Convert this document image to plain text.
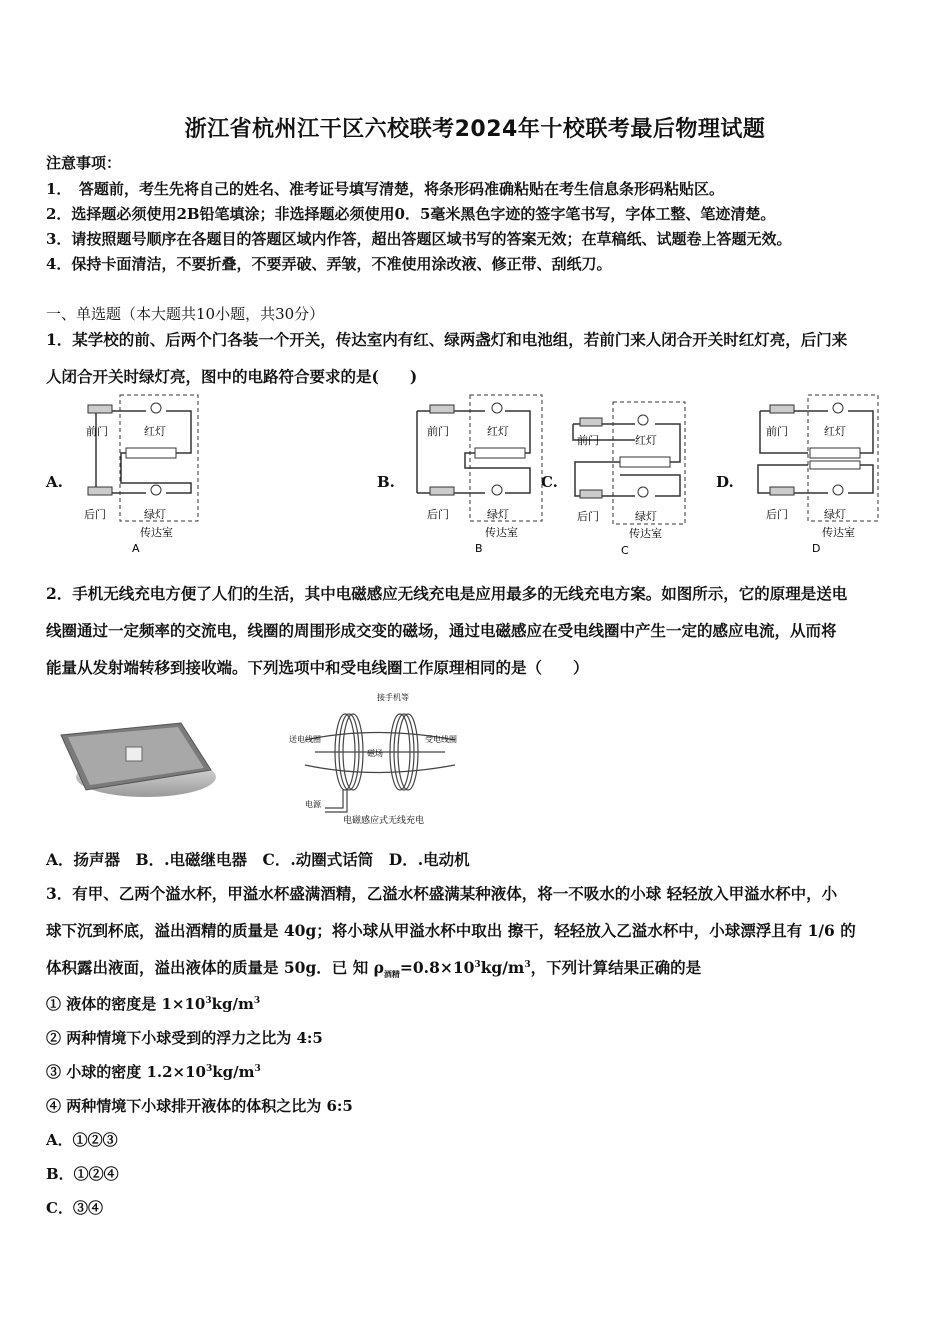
浙江省杭州江干区六校联考2024年十校联考最后物理试题
注意事项：
1．　答题前，考生先将自己的姓名、准考证号填写清楚，将条形码准确粘贴在考生信息条形码粘贴区。
2．选择题必须使用2B铅笔填涂；非选择题必须使用0．5毫米黑色字迹的签字笔书写，字体工整、笔迹清楚。
3．请按照题号顺序在各题目的答题区域内作答，超出答题区域书写的答案无效；在草稿纸、试题卷上答题无效。
4．保持卡面清洁，不要折叠，不要弄破、弄皱，不准使用涂改液、修正带、刮纸刀。
一、单选题（本大题共10小题，共30分）
1．某学校的前、后两个门各装一个开关，传达室内有红、绿两盏灯和电池组，若前门来人闭合开关时红灯亮，后门来
人闭合开关时绿灯亮，图中的电路符合要求的是(　　)
A.	B.	C.	D.
前门	红灯
后门	绿灯
传达室
A
前门	红灯
后门	绿灯
传达室
B
前门	红灯
后门	绿灯
传达室
C
前门	红灯
后门	绿灯
传达室
D
2．手机无线充电方便了人们的生活，其中电磁感应无线充电是应用最多的无线充电方案。如图所示，它的原理是送电
线圈通过一定频率的交流电，线圈的周围形成交变的磁场，通过电磁感应在受电线圈中产生一定的感应电流，从而将
能量从发射端转移到接收端。下列选项中和受电线圈工作原理相同的是（　　）
接手机等
送电线圈	受电线圈
磁场
电源
电磁感应式无线充电
A．扬声器　B．.电磁继电器　C．.动圈式话筒　D．.电动机
3．有甲、乙两个溢水杯，甲溢水杯盛满酒精，乙溢水杯盛满某种液体，将一不吸水的小球 轻轻放入甲溢水杯中，小
球下沉到杯底，溢出酒精的质量是 40g；将小球从甲溢水杯中取出 擦干，轻轻放入乙溢水杯中，小球漂浮且有 1/6 的
体积露出液面，溢出液体的质量是 50g．已 知 $\rho_{酒精}=0.8\times 10^3kg/m^3$，下列计算结果正确的是
① 液体的密度是 $1\times 10^3kg/m^3$
② 两种情境下小球受到的浮力之比为 4:5
③ 小球的密度 $1.2\times 10^3kg/m^3$
④ 两种情境下小球排开液体的体积之比为 6:5
A．①②③
B．①②④
C．③④
